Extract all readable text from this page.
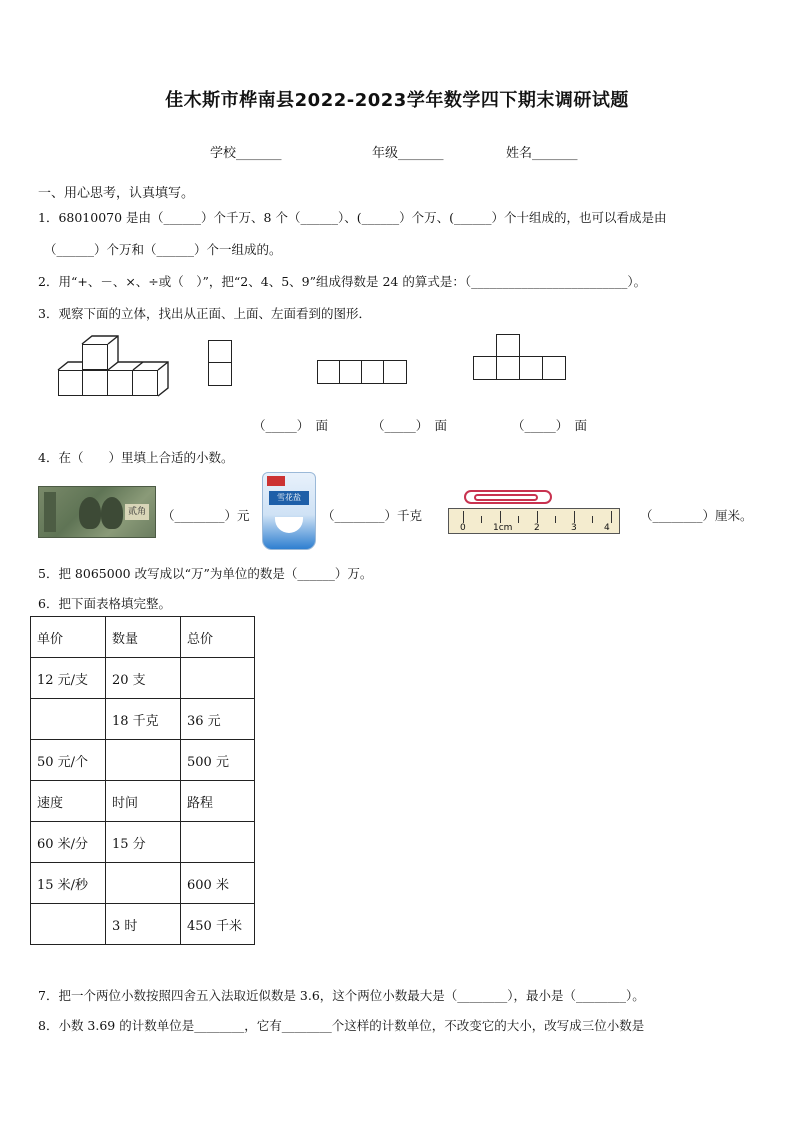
佳木斯市桦南县2022-2023学年数学四下期末调研试题
学校_______	年级_______	姓名_______
一、用心思考，认真填写。
1．68010070 是由（______）个千万、8 个（______）、(______）个万、(______）个十组成的，也可以看成是由
（______）个万和（______）个一组成的。
2．用“+、－、×、÷或（　）”，把“2、4、5、9”组成得数是 24 的算式是：（_________________________）。
3．观察下面的立体，找出从正面、上面、左面看到的图形．
（_____）　面	（_____）　面	（_____）　面
4．在（　　）里填上合适的小数。
贰角 （________）元
雪花盐
（________）千克
0	1cm 2	3	4
（________）厘米。
5．把 8065000 改写成以“万”为单位的数是（______）万。
6．把下面表格填完整。
单价	数量	总价
12 元/支	20 支	
	18 千克	36 元
50 元/个		500 元
速度	时间	路程
60 米/分	15 分	
15 米/秒		600 米
	3 时	450 千米
7．把一个两位小数按照四舍五入法取近似数是 3.6，这个两位小数最大是（________），最小是（________）。
8．小数 3.69 的计数单位是________，它有________个这样的计数单位，不改变它的大小，改写成三位小数是
